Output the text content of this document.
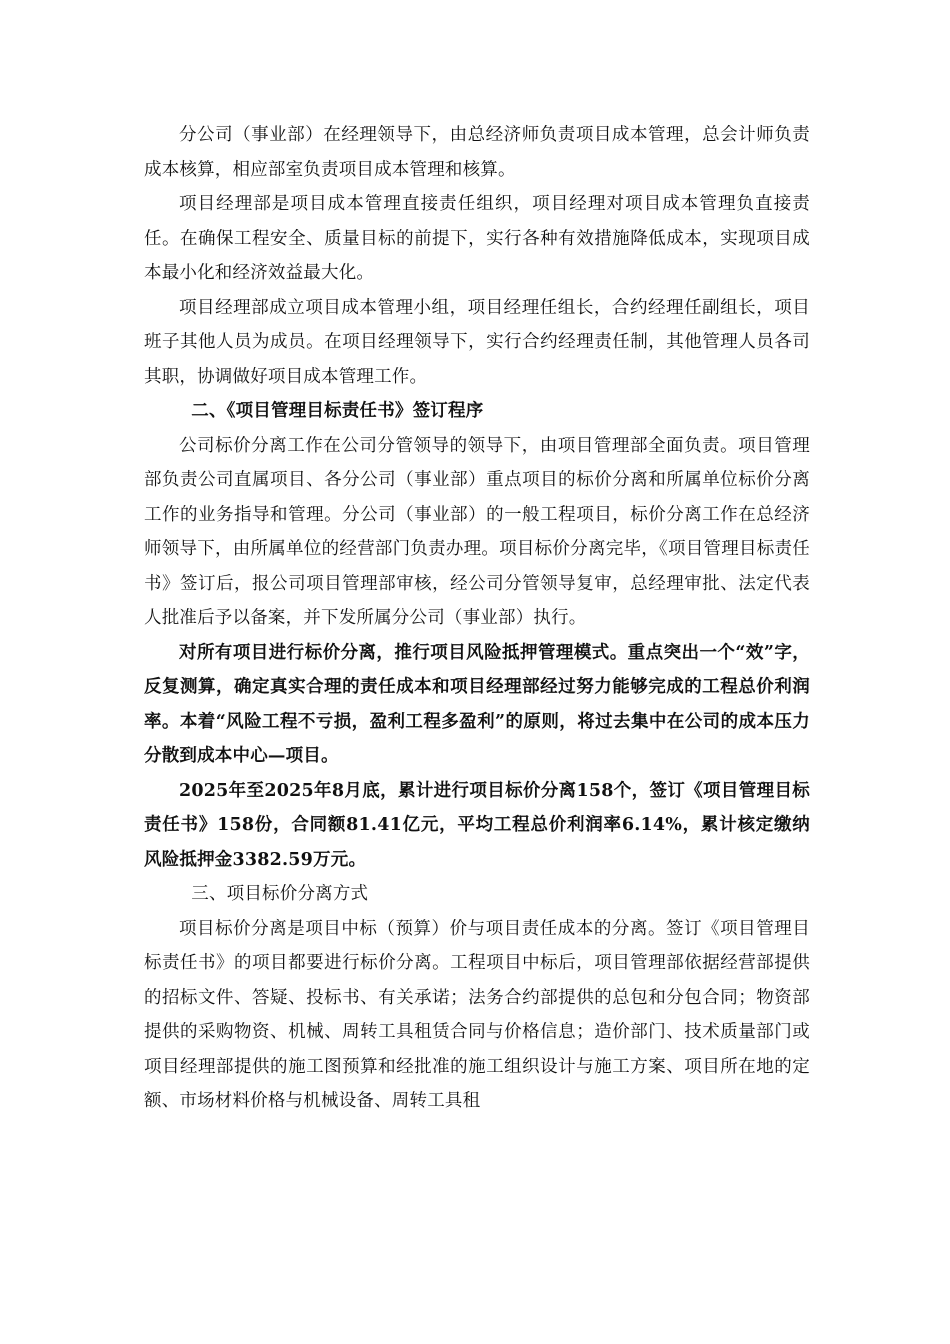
分公司（事业部）在经理领导下，由总经济师负责项目成本管理，总会计师负责成本核算，相应部室负责项目成本管理和核算。

项目经理部是项目成本管理直接责任组织，项目经理对项目成本管理负直接责任。在确保工程安全、质量目标的前提下，实行各种有效措施降低成本，实现项目成本最小化和经济效益最大化。

项目经理部成立项目成本管理小组，项目经理任组长，合约经理任副组长，项目班子其他人员为成员。在项目经理领导下，实行合约经理责任制，其他管理人员各司其职，协调做好项目成本管理工作。

二、《项目管理目标责任书》签订程序

公司标价分离工作在公司分管领导的领导下，由项目管理部全面负责。项目管理部负责公司直属项目、各分公司（事业部）重点项目的标价分离和所属单位标价分离工作的业务指导和管理。分公司（事业部）的一般工程项目，标价分离工作在总经济师领导下，由所属单位的经营部门负责办理。项目标价分离完毕，《项目管理目标责任书》签订后，报公司项目管理部审核，经公司分管领导复审，总经理审批、法定代表人批准后予以备案，并下发所属分公司（事业部）执行。

对所有项目进行标价分离，推行项目风险抵押管理模式。重点突出一个“效”字，反复测算，确定真实合理的责任成本和项目经理部经过努力能够完成的工程总价利润率。本着“风险工程不亏损，盈利工程多盈利”的原则，将过去集中在公司的成本压力分散到成本中心—项目。

2025年至2025年8月底，累计进行项目标价分离158个，签订《项目管理目标责任书》158份，合同额81.41亿元，平均工程总价利润率6.14%，累计核定缴纳风险抵押金3382.59万元。

三、项目标价分离方式

项目标价分离是项目中标（预算）价与项目责任成本的分离。签订《项目管理目标责任书》的项目都要进行标价分离。工程项目中标后，项目管理部依据经营部提供的招标文件、答疑、投标书、有关承诺；法务合约部提供的总包和分包合同；物资部提供的采购物资、机械、周转工具租赁合同与价格信息；造价部门、技术质量部门或项目经理部提供的施工图预算和经批准的施工组织设计与施工方案、项目所在地的定额、市场材料价格与机械设备、周转工具租
